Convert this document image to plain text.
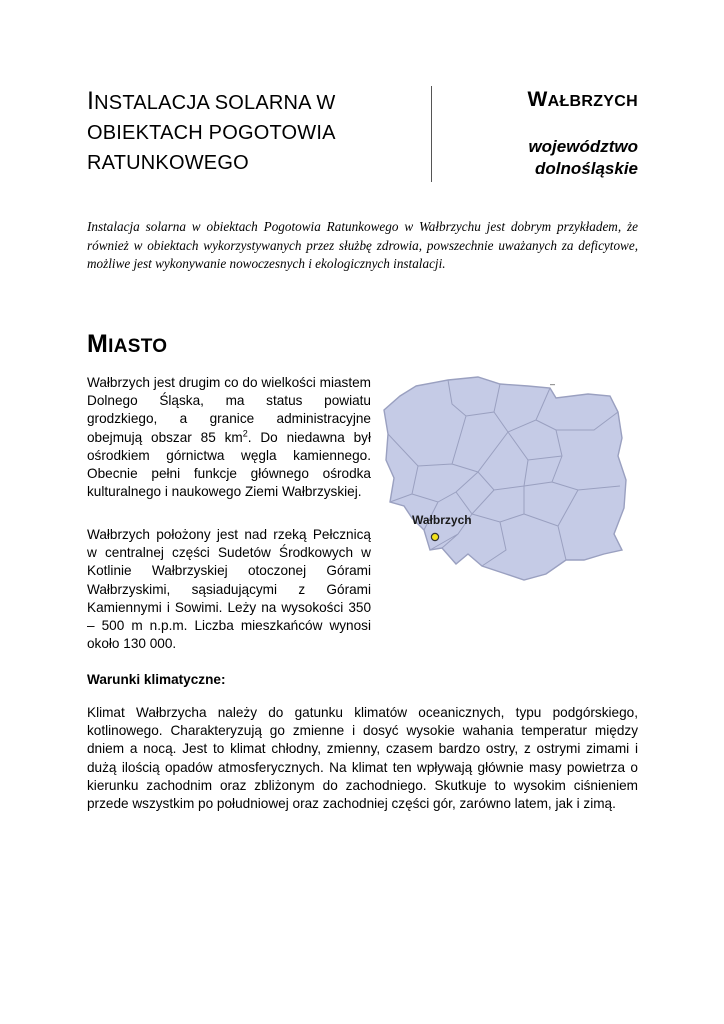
INSTALACJA SOLARNA W
OBIEKTACH POGOTOWIA
RATUNKOWEGO
WAŁBRZYCH
województwo
dolnośląskie
Instalacja solarna w obiektach Pogotowia Ratunkowego w Wałbrzychu jest dobrym przykładem, że również w obiektach wykorzystywanych przez służbę zdrowia, powszechnie uważanych za deficytowe, możliwe jest wykonywanie nowoczesnych i ekologicznych instalacji.
MIASTO
Wałbrzych jest drugim co do wielkości miastem Dolnego Śląska, ma status powiatu grodzkiego, a granice administracyjne obejmują obszar 85 $km^2$. Do niedawna był ośrodkiem górnictwa węgla kamiennego. Obecnie pełni funkcje głównego ośrodka kulturalnego i naukowego Ziemi Wałbrzyskiej.
Wałbrzych położony jest nad rzeką Pełcznicą w centralnej części Sudetów Środkowych w Kotlinie Wałbrzyskiej otoczonej Górami Wałbrzyskimi, sąsiadującymi z Górami Kamiennymi i Sowimi. Leży na wysokości 350 – 500 m n.p.m. Liczba mieszkańców wynosi około 130 000.
Warunki klimatyczne:
Klimat Wałbrzycha należy do gatunku klimatów oceanicznych, typu podgórskiego, kotlinowego. Charakteryzują go zmienne i dosyć wysokie wahania temperatur między dniem a nocą. Jest to klimat chłodny, zmienny, czasem bardzo ostry, z ostrymi zimami i dużą ilością opadów atmosferycznych. Na klimat ten wpływają głównie masy powietrza o kierunku zachodnim oraz zbliżonym do zachodniego. Skutkuje to wysokim ciśnieniem przede wszystkim po południowej oraz zachodniej części gór, zarówno latem, jak i zimą.
Wałbrzych
